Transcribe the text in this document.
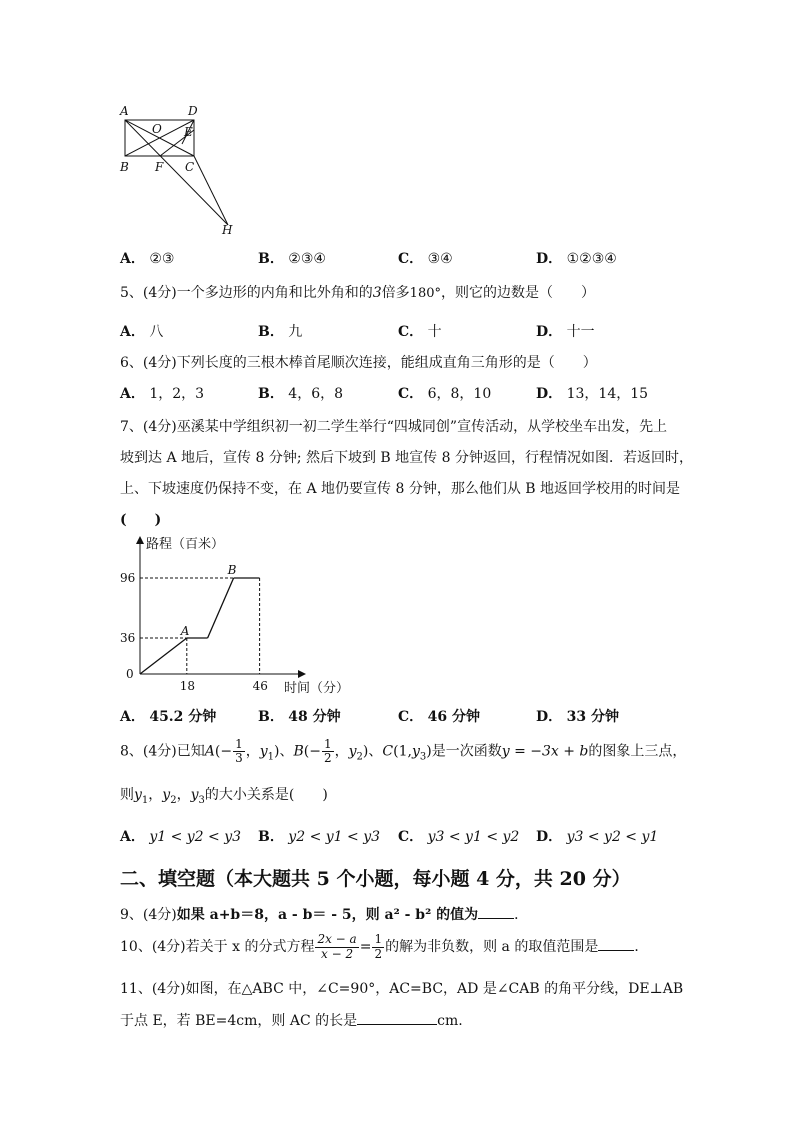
A	D
O E
B F C
H
A． ②③	B． ②③④	C． ③④	D． ①②③④
5、(4分)一个多边形的内角和比外角和的3倍多180°，则它的边数是（　　）
A． 八	B． 九	C． 十	D． 十一
6、(4分)下列长度的三根木棒首尾顺次连接，能组成直角三角形的是（　　）
A． 1，2，3	B． 4，6，8	C． 6，8，10	D． 13，14，15
7、(4分)巫溪某中学组织初一初二学生举行“四城同创”宣传活动，从学校坐车出发，先上
坡到达 A 地后，宣传 8 分钟; 然后下坡到 B 地宣传 8 分钟返回，行程情况如图．若返回时，
上、下坡速度仍保持不变，在 A 地仍要宣传 8 分钟，那么他们从 B 地返回学校用的时间是
(　　)
路程（百米）
时间（分）
96
36
0
18	46
A
B
A． 45.2 分钟	B． 48 分钟	C． 46 分钟	D． 33 分钟
8、(4分)已知$A(- \frac{1}{3}$ ，$y_1$)、$B(- \frac{1}{2}$ ，$y_2$)、$C(1,y_3)$是一次函数y = −3x + b的图象上三点，
则$y_1$，$y_2$，$y_3$的大小关系是(　　)
A． y1 < y2 < y3 B． y2 < y1 < y3 C． y3 < y1 < y2 D． y3 < y2 < y1
二、填空题（本大题共 5 个小题，每小题 4 分，共 20 分）
9、(4分)如果 a+b＝8，a - b＝ - 5，则 a² - b² 的值为	．
10、(4分)若关于 x 的分式方程 $\frac{2x - a}{x - 2} = \frac{1}{2}$ 的解为非负数，则 a 的取值范围是	．
11、(4分)如图，在△ABC 中，∠C=90°，AC=BC，AD 是∠CAB 的角平分线，DE⊥AB
于点 E，若 BE=4cm，则 AC 的长是	cm.
